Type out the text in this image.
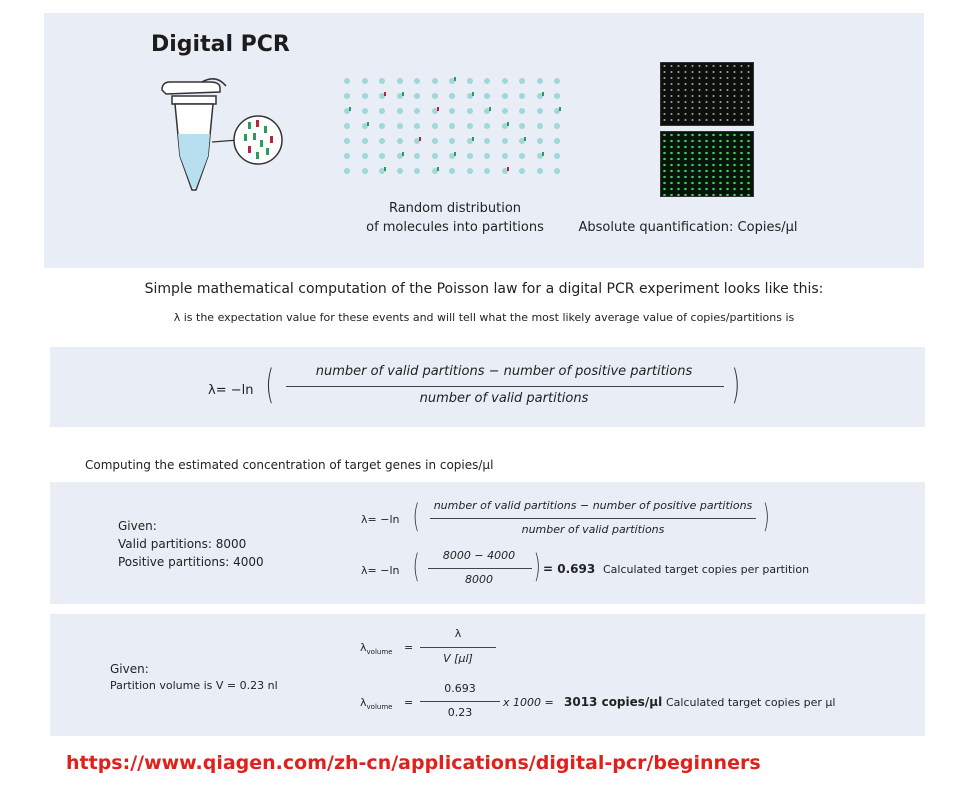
Digital PCR
Random distribution
of molecules into partitions	Absolute quantification: Copies/µl
Simple mathematical computation of the Poisson law for a digital PCR experiment looks like this:
λ is the expectation value for these events and will tell what the most likely average value of copies/partitions is
λ= −ln (	number of valid partitions − number of positive partitions
number of valid partitions	)
Computing the estimated concentration of target genes in copies/µl
Given:
Valid partitions: 8000
Positive partitions: 4000
λ= −ln (	number of valid partitions − number of positive partitions
number of valid partitions	)
λ= −ln (	8000 − 4000
8000	) = 0.693 Calculated target copies per partition
Given:
Partition volume is V = 0.23 nl
$\lambda_{volume}$ =
λ
V [µl]
$\lambda_{volume}$ =
0.693
0.23
x 1000 = 3013 copies/µl Calculated target copies per µl
https://www.qiagen.com/zh-cn/applications/digital-pcr/beginners
